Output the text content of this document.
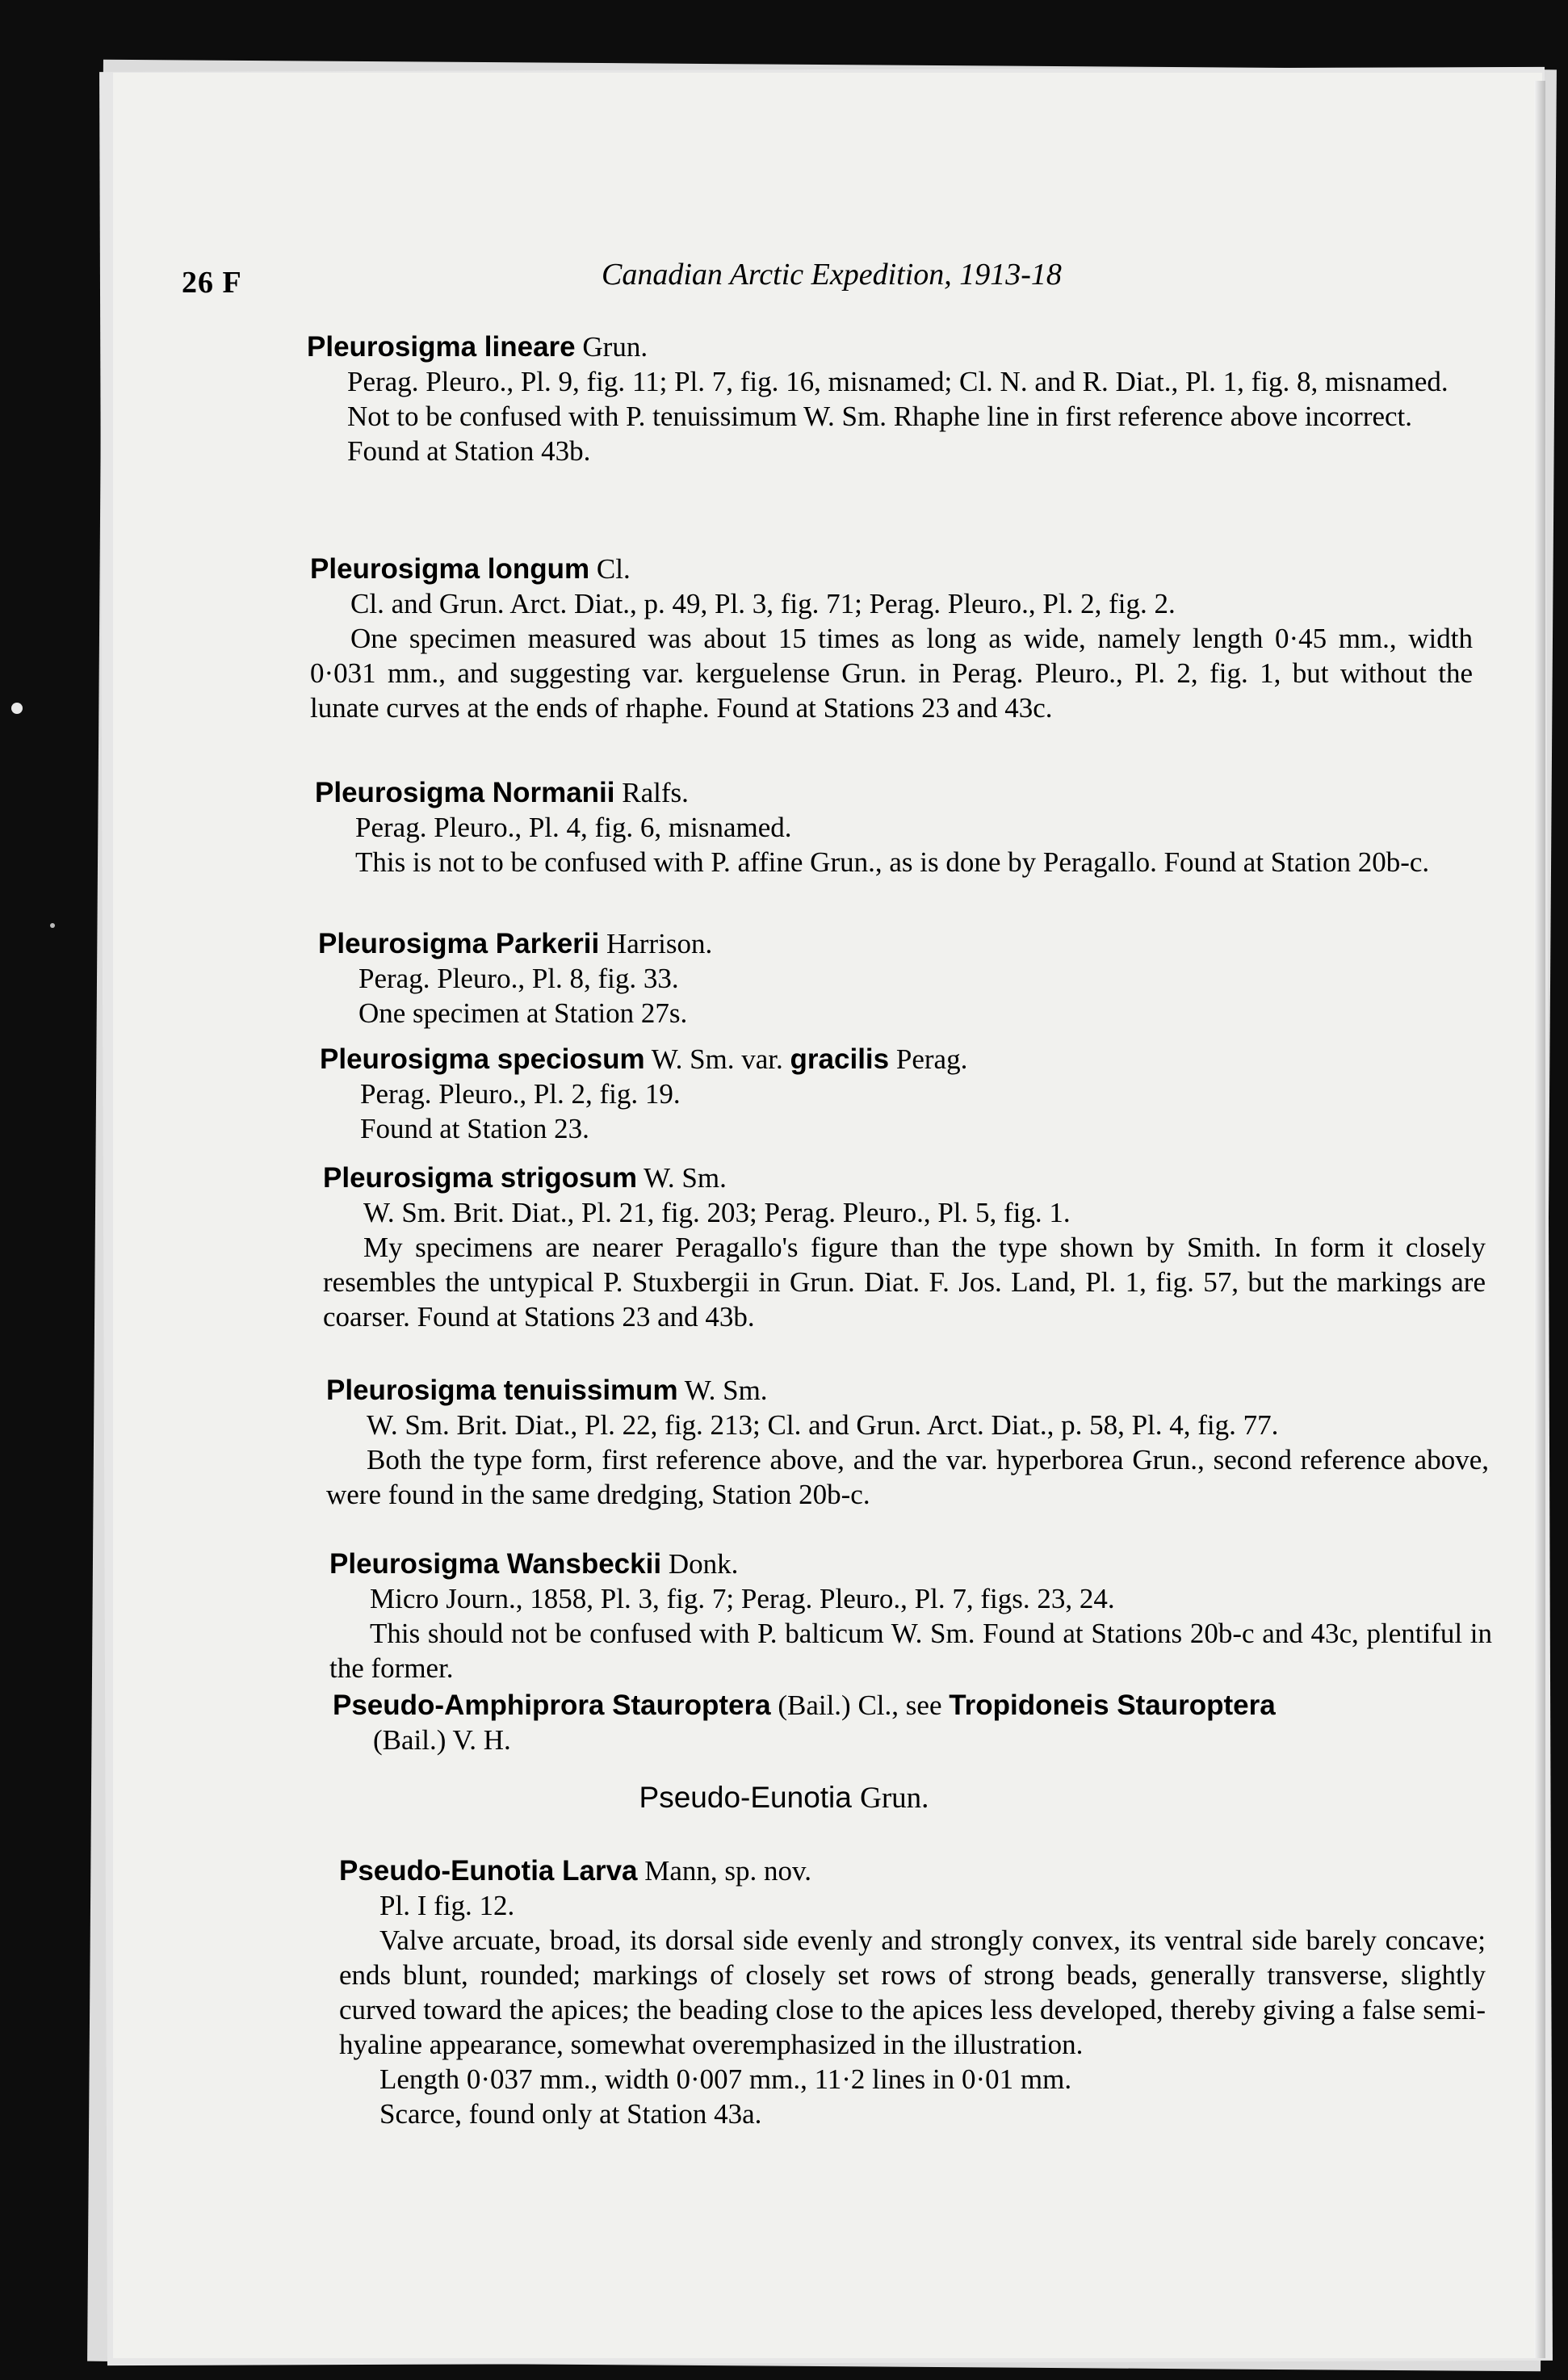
26 F	Canadian Arctic Expedition, 1913-18

Pleurosigma lineare Grun.

Perag. Pleuro., Pl. 9, fig. 11; Pl. 7, fig. 16, misnamed; Cl. N. and R. Diat., Pl. 1, fig. 8, misnamed.

Not to be confused with P. tenuissimum W. Sm. Rhaphe line in first reference above incorrect.

Found at Station 43b.

Pleurosigma longum Cl.

Cl. and Grun. Arct. Diat., p. 49, Pl. 3, fig. 71; Perag. Pleuro., Pl. 2, fig. 2.

One specimen measured was about 15 times as long as wide, namely length 0·45 mm., width 0·031 mm., and suggesting var. kerguelense Grun. in Perag. Pleuro., Pl. 2, fig. 1, but without the lunate curves at the ends of rhaphe. Found at Stations 23 and 43c.

Pleurosigma Normanii Ralfs.

Perag. Pleuro., Pl. 4, fig. 6, misnamed.

This is not to be confused with P. affine Grun., as is done by Peragallo. Found at Station 20b-c.

Pleurosigma Parkerii Harrison.

Perag. Pleuro., Pl. 8, fig. 33.

One specimen at Station 27s.

Pleurosigma speciosum W. Sm. var. gracilis Perag.

Perag. Pleuro., Pl. 2, fig. 19.

Found at Station 23.

Pleurosigma strigosum W. Sm.

W. Sm. Brit. Diat., Pl. 21, fig. 203; Perag. Pleuro., Pl. 5, fig. 1.

My specimens are nearer Peragallo's figure than the type shown by Smith. In form it closely resembles the untypical P. Stuxbergii in Grun. Diat. F. Jos. Land, Pl. 1, fig. 57, but the markings are coarser. Found at Stations 23 and 43b.

Pleurosigma tenuissimum W. Sm.

W. Sm. Brit. Diat., Pl. 22, fig. 213; Cl. and Grun. Arct. Diat., p. 58, Pl. 4, fig. 77.

Both the type form, first reference above, and the var. hyperborea Grun., second reference above, were found in the same dredging, Station 20b-c.

Pleurosigma Wansbeckii Donk.

Micro Journ., 1858, Pl. 3, fig. 7; Perag. Pleuro., Pl. 7, figs. 23, 24.

This should not be confused with P. balticum W. Sm. Found at Stations 20b-c and 43c, plentiful in the former.

Pseudo-Amphiprora Stauroptera (Bail.) Cl., see Tropidoneis Stauroptera

(Bail.) V. H.

Pseudo-Eunotia Grun.

Pseudo-Eunotia Larva Mann, sp. nov.

Pl. I fig. 12.

Valve arcuate, broad, its dorsal side evenly and strongly convex, its ventral side barely concave; ends blunt, rounded; markings of closely set rows of strong beads, generally transverse, slightly curved toward the apices; the beading close to the apices less developed, thereby giving a false semi-hyaline appearance, somewhat overemphasized in the illustration.

Length 0·037 mm., width 0·007 mm., 11·2 lines in 0·01 mm.

Scarce, found only at Station 43a.
